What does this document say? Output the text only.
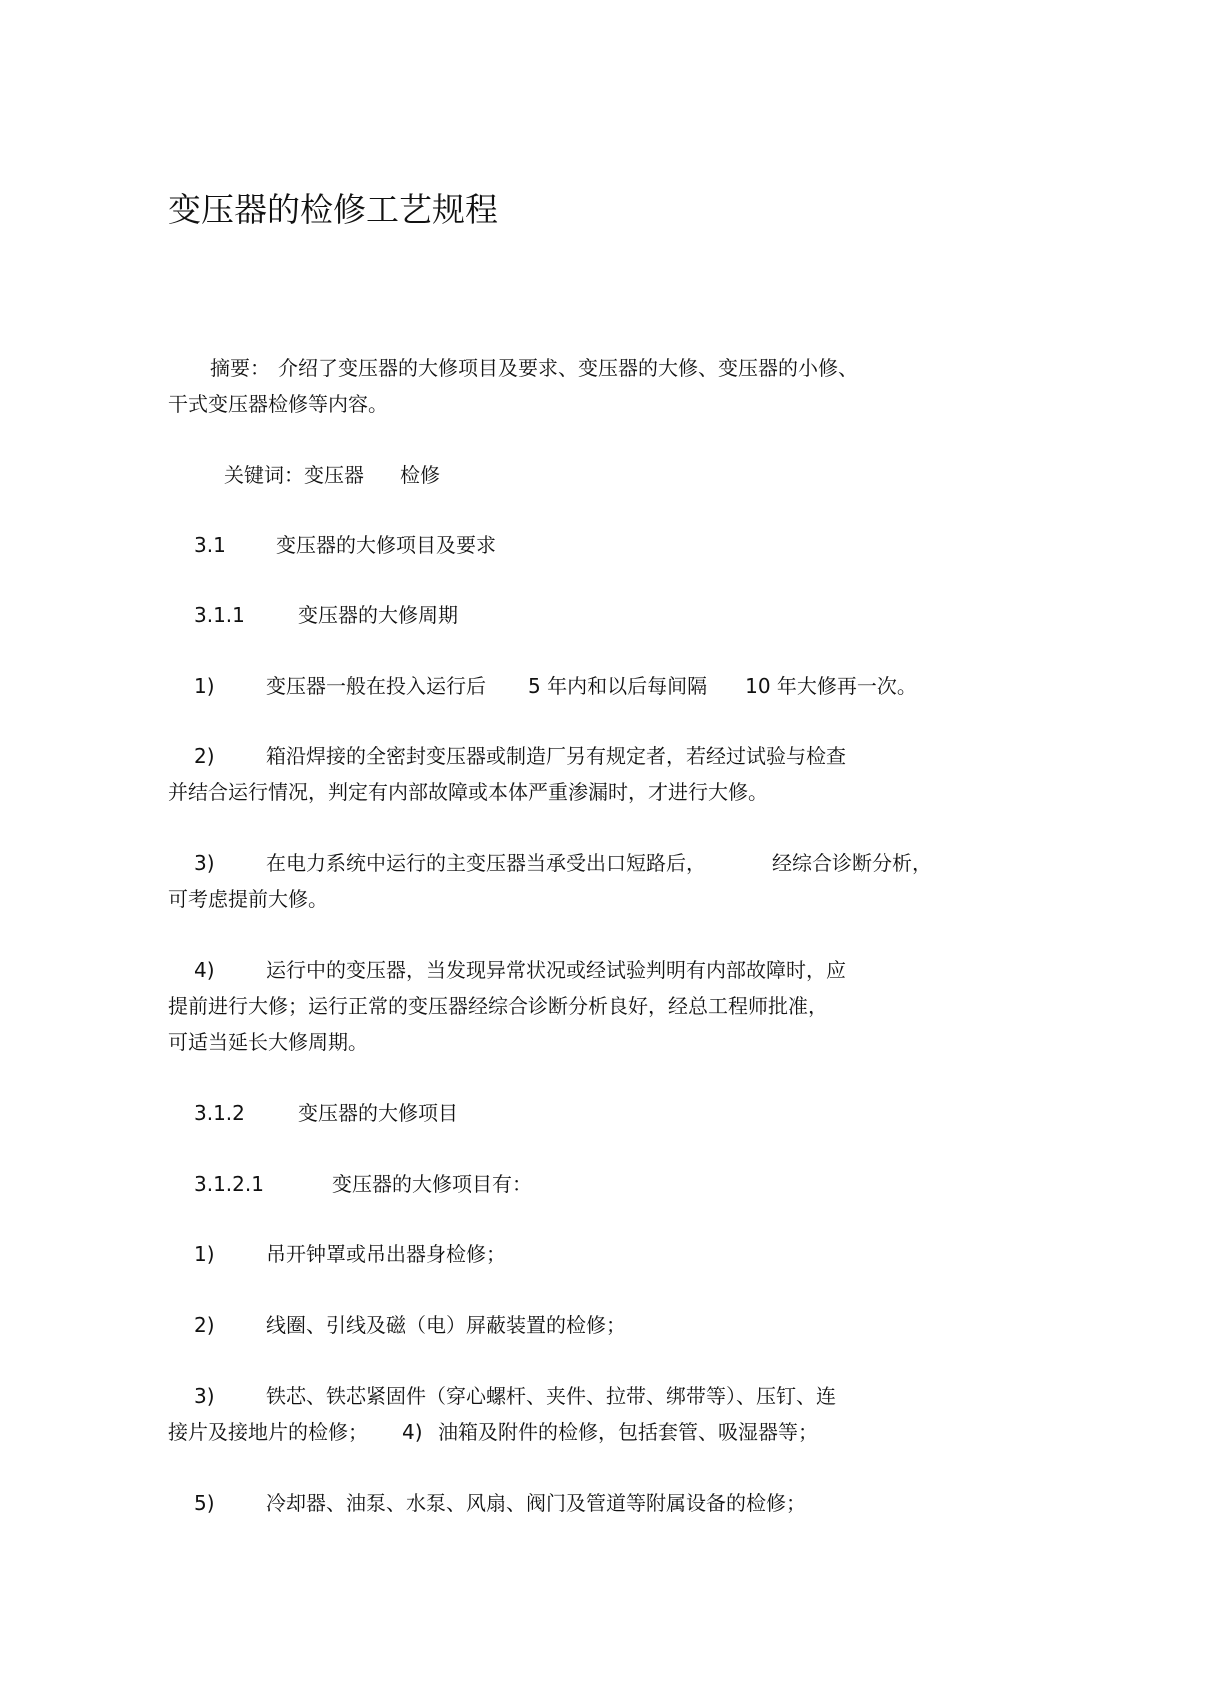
变压器的检修工艺规程

摘要： 介绍了变压器的大修项目及要求、变压器的大修、变压器的小修、

干式变压器检修等内容。

关键词：变压器 检修

3.1	变压器的大修项目及要求

3.1.1	变压器的大修周期

1)	变压器一般在投入运行后 5 年内和以后每间隔 10 年大修再一次。

2)	箱沿焊接的全密封变压器或制造厂另有规定者，若经过试验与检查

并结合运行情况，判定有内部故障或本体严重渗漏时，才进行大修。

3)	在电力系统中运行的主变压器当承受出口短路后，	经综合诊断分析，

可考虑提前大修。

4)	运行中的变压器，当发现异常状况或经试验判明有内部故障时，应

提前进行大修；运行正常的变压器经综合诊断分析良好，经总工程师批准，

可适当延长大修周期。

3.1.2	变压器的大修项目

3.1.2.1	变压器的大修项目有：

1)	吊开钟罩或吊出器身检修；

2)	线圈、引线及磁（电）屏蔽装置的检修；

3)	铁芯、铁芯紧固件（穿心螺杆、夹件、拉带、绑带等）、压钉、连

接片及接地片的检修； 4) 油箱及附件的检修，包括套管、吸湿器等；

5)	冷却器、油泵、水泵、风扇、阀门及管道等附属设备的检修；
